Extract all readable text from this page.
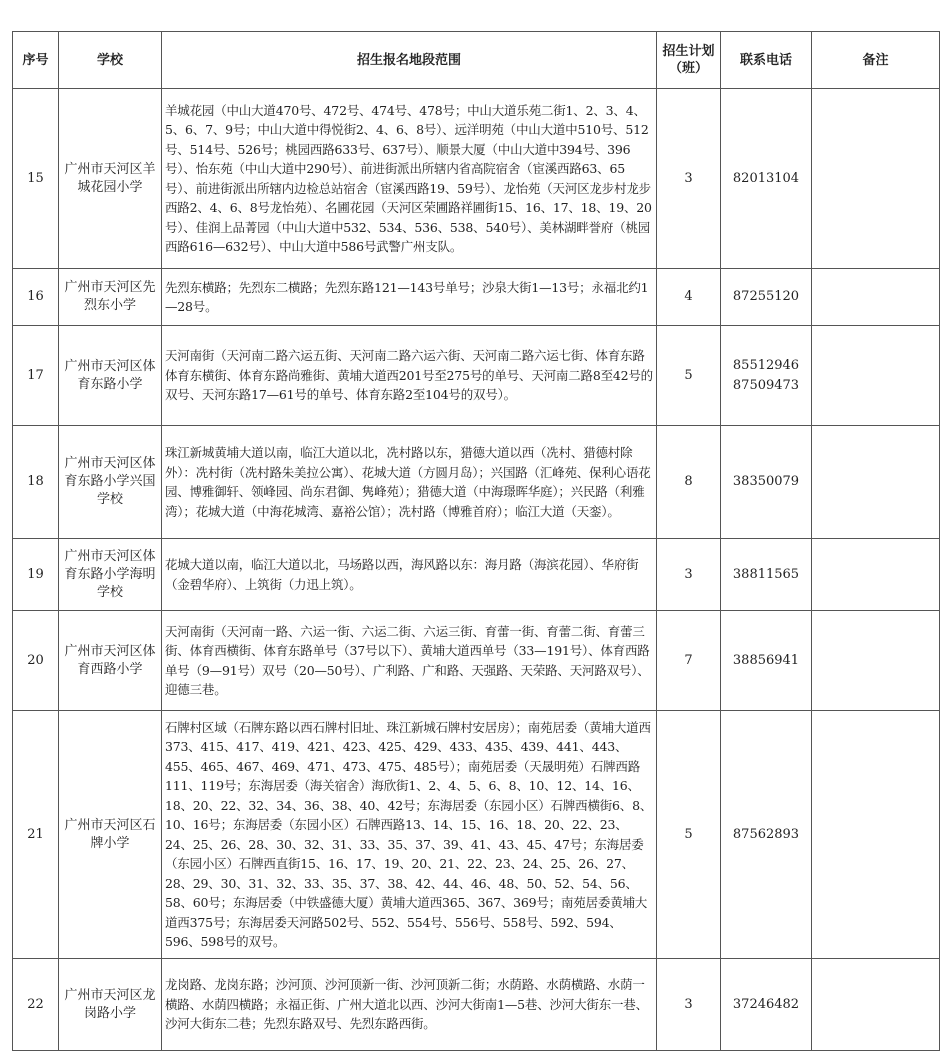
序号	学校	招生报名地段范围	招生计划（班）	联系电话	备注
15	广州市天河区羊城花园小学	羊城花园（中山大道470号、472号、474号、478号；中山大道乐苑二街1、2、3、4、5、6、7、9号；中山大道中得悦街2、4、6、8号）、远洋明苑（中山大道中510号、512号、514号、526号；桃园西路633号、637号）、顺景大厦（中山大道中394号、396号）、怡东苑（中山大道中290号）、前进街派出所辖内省高院宿舍（宦溪西路63、65号）、前进街派出所辖内边检总站宿舍（宦溪西路19、59号）、龙怡苑（天河区龙步村龙步西路2、4、6、8号龙怡苑）、名圃花园（天河区荣圃路祥圃街15、16、17、18、19、20号）、佳润上品菁园（中山大道中532、534、536、538、540号）、美林湖畔誉府（桃园西路616—632号）、中山大道中586号武警广州支队。	3	82013104	
16	广州市天河区先烈东小学	先烈东横路；先烈东二横路；先烈东路121—143号单号；沙泉大街1—13号；永福北约1—28号。	4	87255120	
17	广州市天河区体育东路小学	天河南街（天河南二路六运五街、天河南二路六运六街、天河南二路六运七街、体育东路体育东横街、体育东路尚雅街、黄埔大道西201号至275号的单号、天河南二路8至42号的双号、天河东路17—61号的单号、体育东路2至104号的双号）。	5	85512946
87509473	
18	广州市天河区体育东路小学兴国学校	珠江新城黄埔大道以南，临江大道以北，冼村路以东，猎德大道以西（冼村、猎德村除外）：冼村街（冼村路朱美拉公寓）、花城大道（方圆月岛）；兴国路（汇峰苑、保利心语花园、博雅御轩、领峰园、尚东君御、隽峰苑）；猎德大道（中海璟晖华庭）；兴民路（利雅湾）；花城大道（中海花城湾、嘉裕公馆）；冼村路（博雅首府）；临江大道（天銮）。	8	38350079	
19	广州市天河区体育东路小学海明学校	花城大道以南，临江大道以北，马场路以西，海风路以东：海月路（海滨花园）、华府街（金碧华府）、上筑街（力迅上筑）。	3	38811565	
20	广州市天河区体育西路小学	天河南街（天河南一路、六运一街、六运二街、六运三街、育蕾一街、育蕾二街、育蕾三街、体育西横街、体育东路单号（37号以下）、黄埔大道西单号（33—191号）、体育西路单号（9—91号）双号（20—50号）、广利路、广和路、天强路、天荣路、天河路双号）、迎德三巷。	7	38856941	
21	广州市天河区石牌小学	石牌村区域（石牌东路以西石牌村旧址、珠江新城石牌村安居房）；南苑居委（黄埔大道西373、415、417、419、421、423、425、429、433、435、439、441、443、455、465、467、469、471、473、475、485号）；南苑居委（天晟明苑）石牌西路111、119号；东海居委（海关宿舍）海欣街1、2、4、5、6、8、10、12、14、16、18、20、22、32、34、36、38、40、42号；东海居委（东园小区）石牌西横街6、8、10、16号；东海居委（东园小区）石牌西路13、14、15、16、18、20、22、23、24、25、26、28、30、32、31、33、35、37、39、41、43、45、47号；东海居委（东园小区）石牌西直街15、16、17、19、20、21、22、23、24、25、26、27、28、29、30、31、32、33、35、37、38、42、44、46、48、50、52、54、56、58、60号；东海居委（中铁盛德大厦）黄埔大道西365、367、369号；南苑居委黄埔大道西375号；东海居委天河路502号、552、554号、556号、558号、592、594、596、598号的双号。	5	87562893	
22	广州市天河区龙岗路小学	龙岗路、龙岗东路；沙河顶、沙河顶新一街、沙河顶新二街；水荫路、水荫横路、水荫一横路、水荫四横路；永福正街、广州大道北以西、沙河大街南1—5巷、沙河大街东一巷、沙河大街东二巷；先烈东路双号、先烈东路西街。	3	37246482	
